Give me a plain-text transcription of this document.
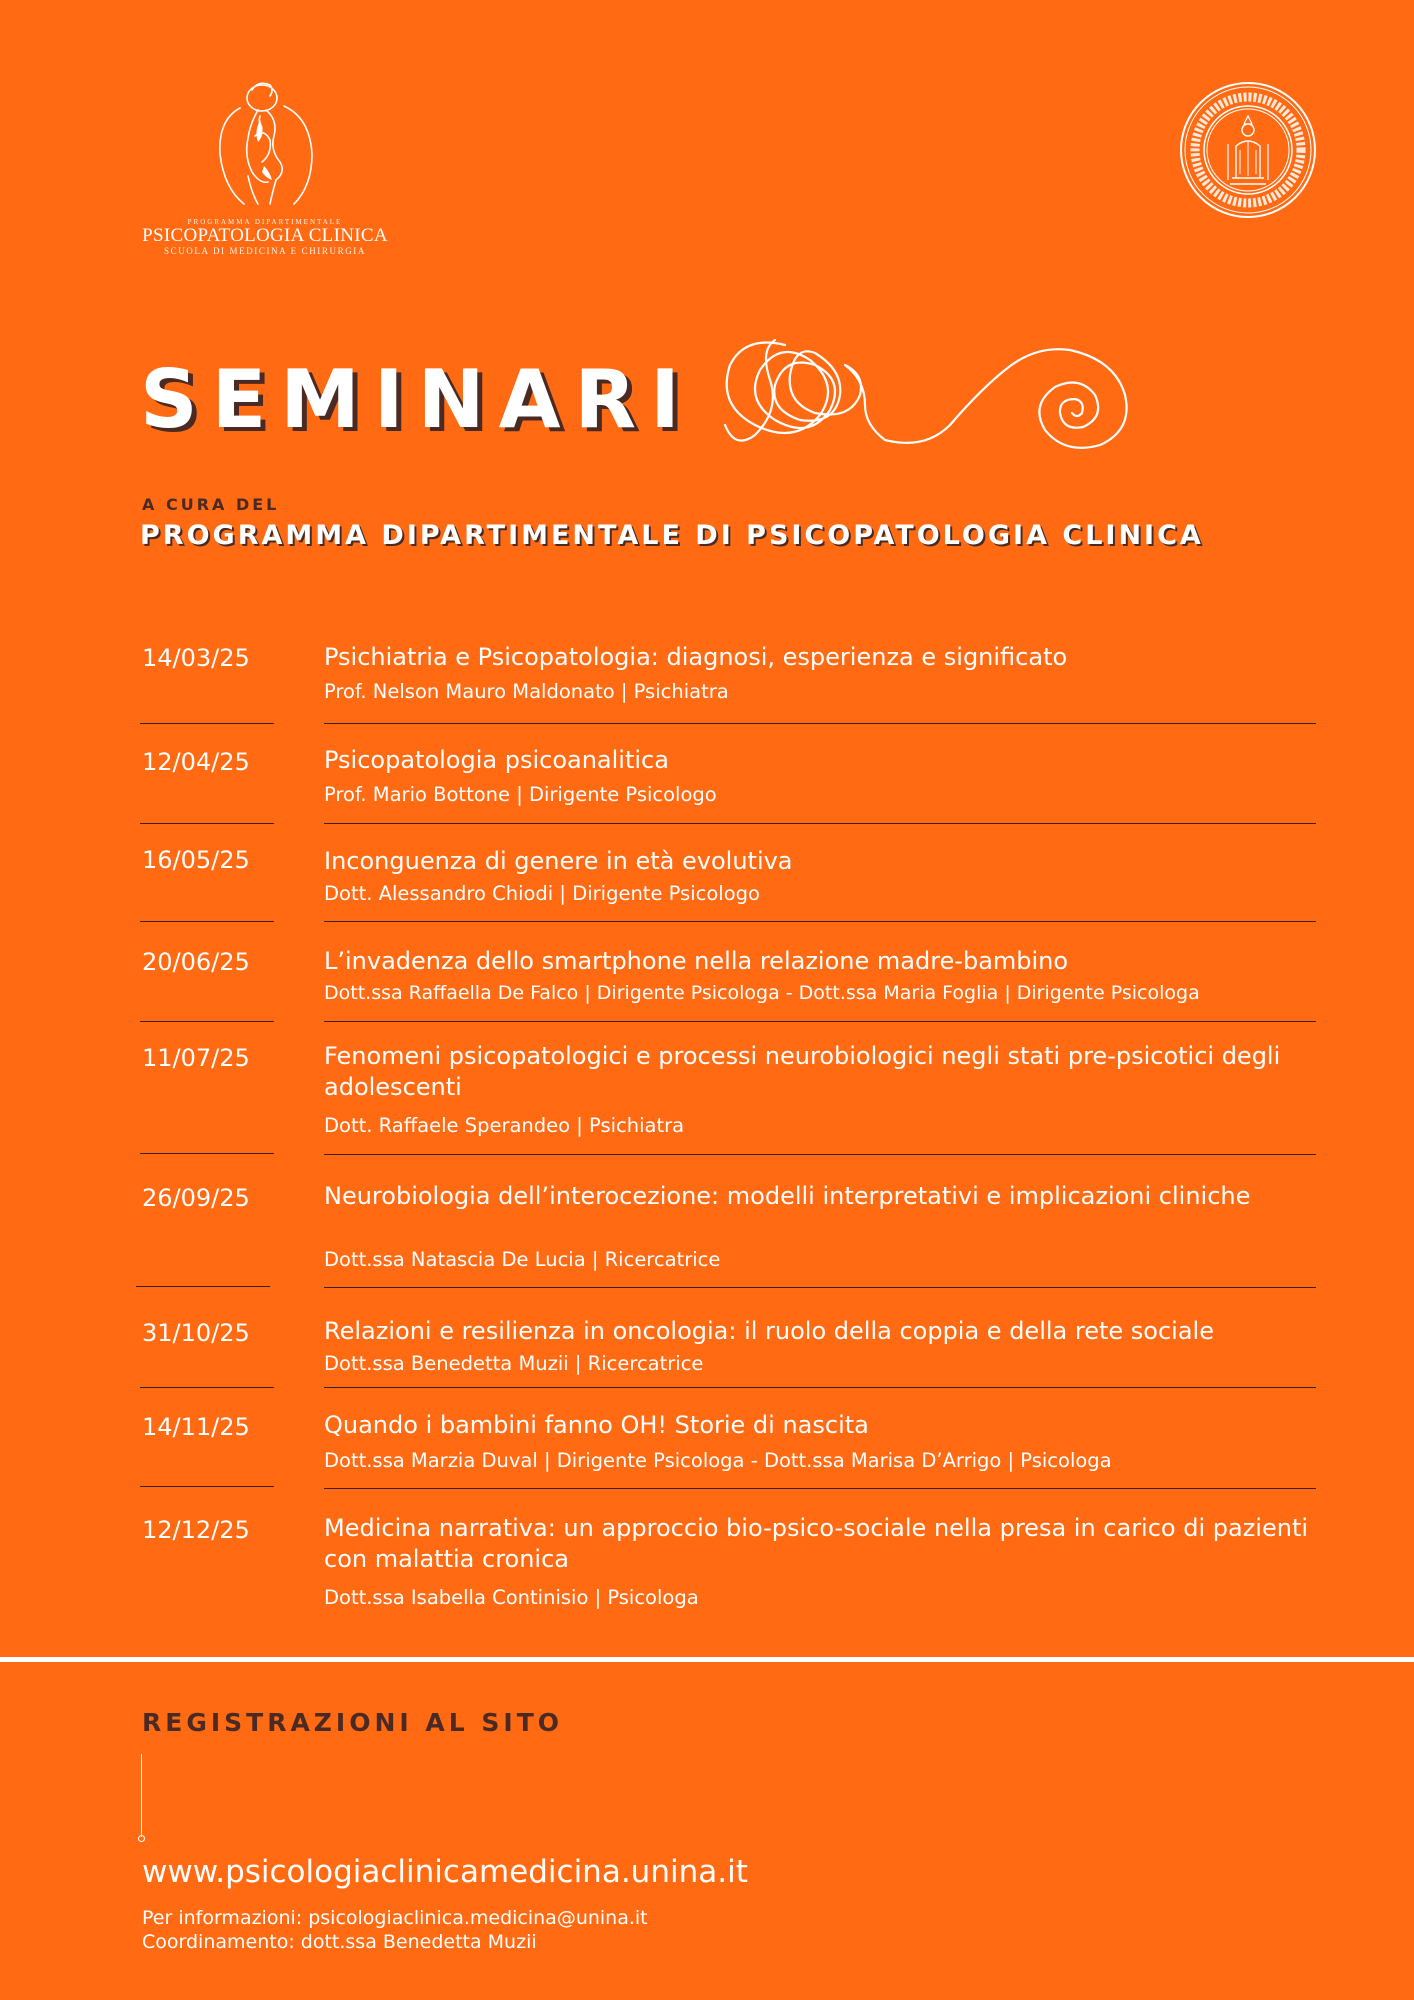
PROGRAMMA DIPARTIMENTALE
PSICOPATOLOGIA CLINICA
SCUOLA DI MEDICINA E CHIRURGIA
SEMINARI
A CURA DEL
PROGRAMMA DIPARTIMENTALE DI PSICOPATOLOGIA CLINICA
14/03/25	Psichiatria e Psicopatologia: diagnosi, esperienza e significato
Prof. Nelson Mauro Maldonato | Psichiatra
12/04/25	Psicopatologia psicoanalitica
Prof. Mario Bottone | Dirigente Psicologo
16/05/25	Inconguenza di genere in età evolutiva
Dott. Alessandro Chiodi | Dirigente Psicologo
20/06/25	L’invadenza dello smartphone nella relazione madre-bambino
Dott.ssa Raffaella De Falco | Dirigente Psicologa - Dott.ssa Maria Foglia | Dirigente Psicologa
11/07/25	Fenomeni psicopatologici e processi neurobiologici negli stati pre-psicotici degli adolescenti
Dott. Raffaele Sperandeo | Psichiatra
26/09/25	Neurobiologia dell’interocezione: modelli interpretativi e implicazioni cliniche
Dott.ssa Natascia De Lucia | Ricercatrice
31/10/25	Relazioni e resilienza in oncologia: il ruolo della coppia e della rete sociale
Dott.ssa Benedetta Muzii | Ricercatrice
14/11/25	Quando i bambini fanno OH! Storie di nascita
Dott.ssa Marzia Duval | Dirigente Psicologa - Dott.ssa Marisa D’Arrigo | Psicologa
12/12/25	Medicina narrativa: un approccio bio-psico-sociale nella presa in carico di pazienti con malattia cronica
Dott.ssa Isabella Continisio | Psicologa
REGISTRAZIONI AL SITO
www.psicologiaclinicamedicina.unina.it
Per informazioni: psicologiaclinica.medicina@unina.it
Coordinamento: dott.ssa Benedetta Muzii
